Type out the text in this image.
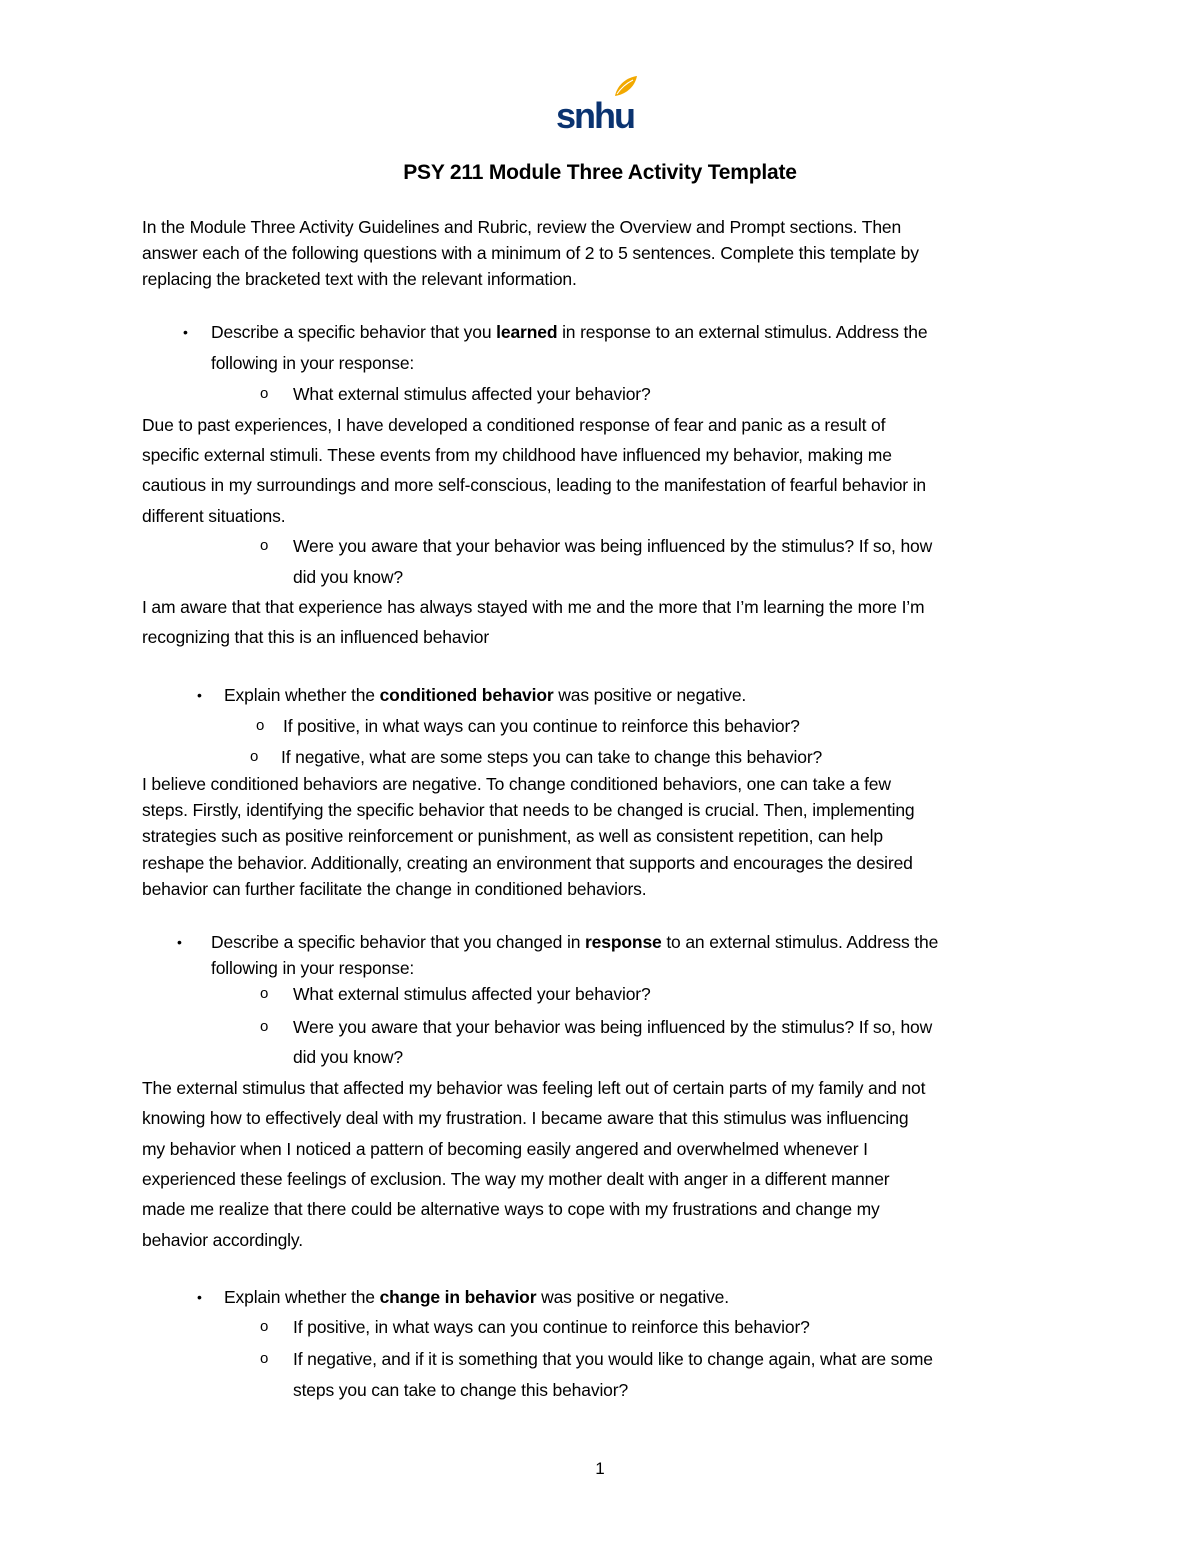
snhu
PSY 211 Module Three Activity Template
In the Module Three Activity Guidelines and Rubric, review the Overview and Prompt sections. Then
answer each of the following questions with a minimum of 2 to 5 sentences. Complete this template by
replacing the bracketed text with the relevant information.
• Describe a specific behavior that you learned in response to an external stimulus. Address the
following in your response:
o What external stimulus affected your behavior?
Due to past experiences, I have developed a conditioned response of fear and panic as a result of
specific external stimuli. These events from my childhood have influenced my behavior, making me
cautious in my surroundings and more self-conscious, leading to the manifestation of fearful behavior in
different situations.
o Were you aware that your behavior was being influenced by the stimulus? If so, how
did you know?
I am aware that that experience has always stayed with me and the more that I’m learning the more I’m
recognizing that this is an influenced behavior
• Explain whether the conditioned behavior was positive or negative.
o If positive, in what ways can you continue to reinforce this behavior?
o If negative, what are some steps you can take to change this behavior?
I believe conditioned behaviors are negative. To change conditioned behaviors, one can take a few
steps. Firstly, identifying the specific behavior that needs to be changed is crucial. Then, implementing
strategies such as positive reinforcement or punishment, as well as consistent repetition, can help
reshape the behavior. Additionally, creating an environment that supports and encourages the desired
behavior can further facilitate the change in conditioned behaviors.
• Describe a specific behavior that you changed in response to an external stimulus. Address the
following in your response:
o What external stimulus affected your behavior?
o Were you aware that your behavior was being influenced by the stimulus? If so, how
did you know?
The external stimulus that affected my behavior was feeling left out of certain parts of my family and not
knowing how to effectively deal with my frustration. I became aware that this stimulus was influencing
my behavior when I noticed a pattern of becoming easily angered and overwhelmed whenever I
experienced these feelings of exclusion. The way my mother dealt with anger in a different manner
made me realize that there could be alternative ways to cope with my frustrations and change my
behavior accordingly.
• Explain whether the change in behavior was positive or negative.
o If positive, in what ways can you continue to reinforce this behavior?
o If negative, and if it is something that you would like to change again, what are some
steps you can take to change this behavior?
1
